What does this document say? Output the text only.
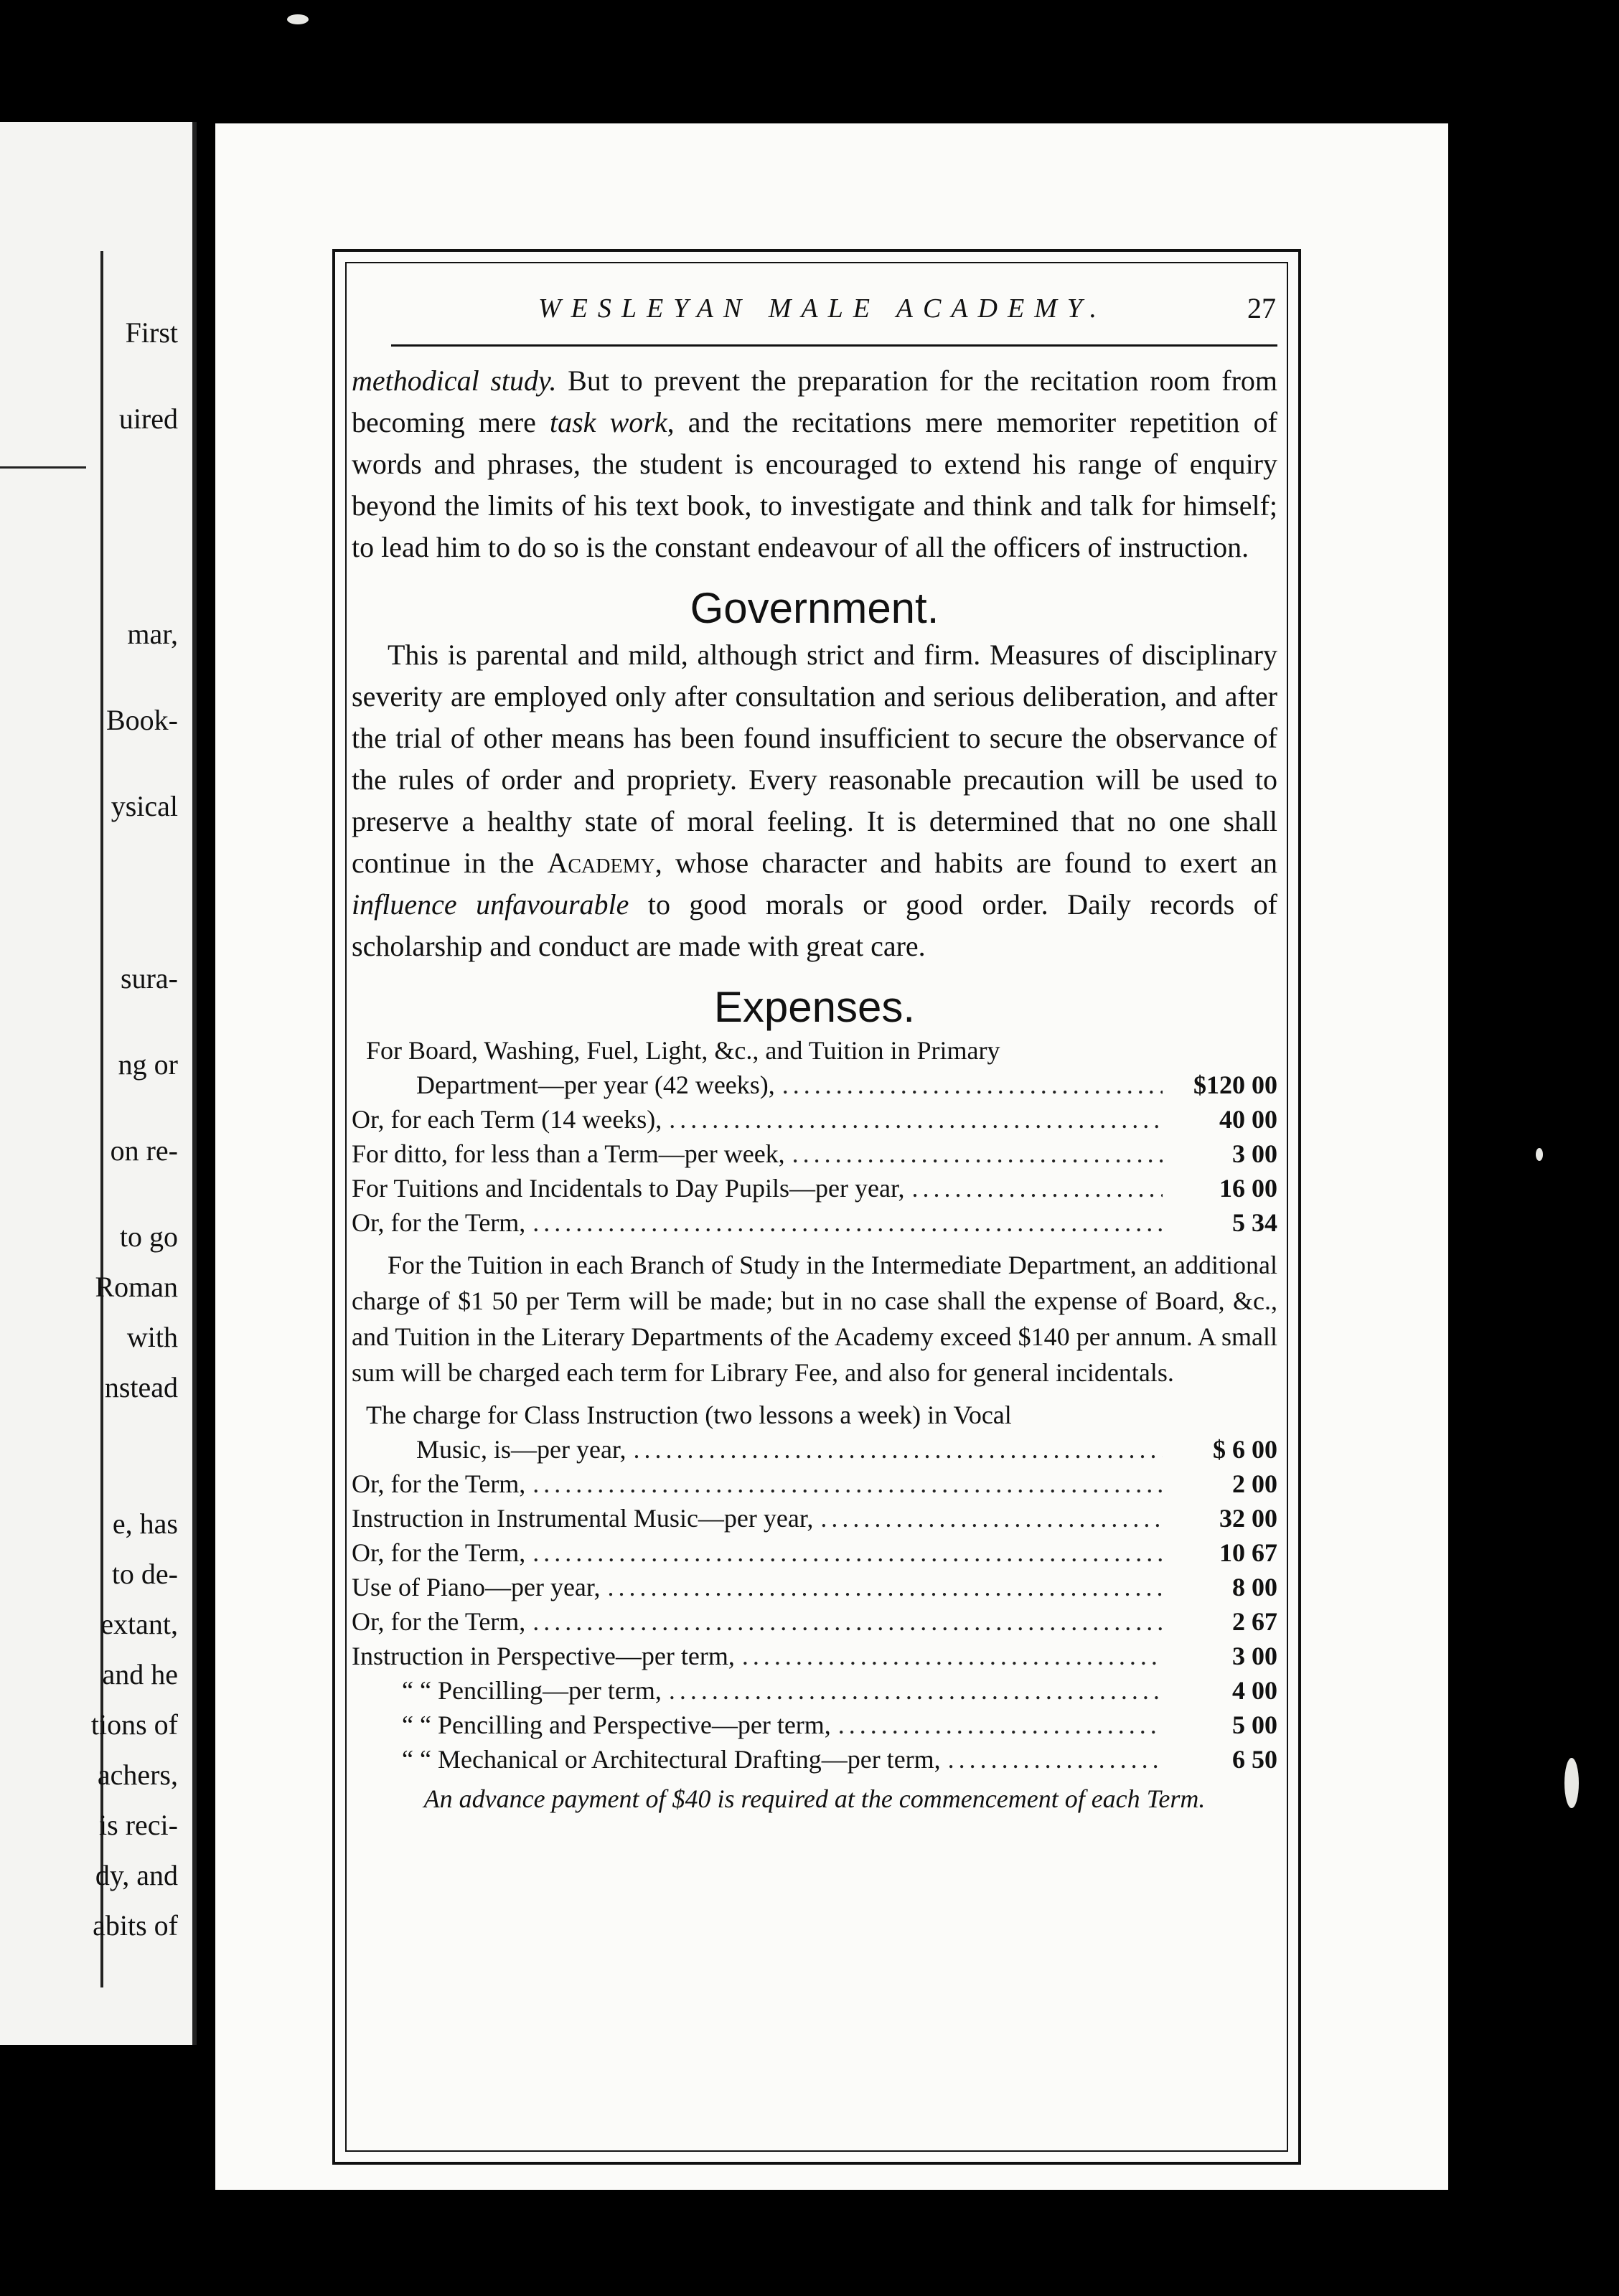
First
uired
mar,
Book-
ysical
sura-
ng or
on re-
to go
Roman
with
nstead
e, has
to de-
extant,
and he
tions of
achers,
is reci-
dy, and
abits of
WESLEYAN MALE ACADEMY.	27

methodical study. But to prevent the preparation for the recitation room from becoming mere task work, and the recitations mere memoriter repetition of words and phrases, the student is encouraged to extend his range of enquiry beyond the limits of his text book, to investigate and think and talk for himself; to lead him to do so is the constant endeavour of all the officers of instruction.

Government.

This is parental and mild, although strict and firm. Measures of disciplinary severity are employed only after consultation and serious deliberation, and after the trial of other means has been found insufficient to secure the observance of the rules of order and propriety. Every reasonable precaution will be used to preserve a healthy state of moral feeling. It is determined that no one shall continue in the Academy, whose character and habits are found to exert an influence unfavourable to good morals or good order. Daily records of scholarship and conduct are made with great care.

Expenses.
For Board, Washing, Fuel, Light, &c., and Tuition in Primary
Department—per year (42 weeks), .....	$120 00
Or, for each Term (14 weeks), .....	40 00
For ditto, for less than a Term—per week, .....	3 00
For Tuitions and Incidentals to Day Pupils—per year, .....	16 00
Or, for the Term, .....	5 34

For the Tuition in each Branch of Study in the Intermediate Department, an additional charge of $1 50 per Term will be made; but in no case shall the expense of Board, &c., and Tuition in the Literary Departments of the Academy exceed $140 per annum. A small sum will be charged each term for Library Fee, and also for general incidentals.

The charge for Class Instruction (two lessons a week) in Vocal
Music, is—per year, .....	$ 6 00
Or, for the Term, .....	2 00
Instruction in Instrumental Music—per year, .....	32 00
Or, for the Term, .....	10 67
Use of Piano—per year, .....	8 00
Or, for the Term, .....	2 67
Instruction in Perspective—per term, .....	3 00
“ “ Pencilling—per term, .....	4 00
“ “ Pencilling and Perspective—per term, .....	5 00
“ “ Mechanical or Architectural Drafting—per term, .....	6 50
An advance payment of $40 is required at the commencement of each Term.
